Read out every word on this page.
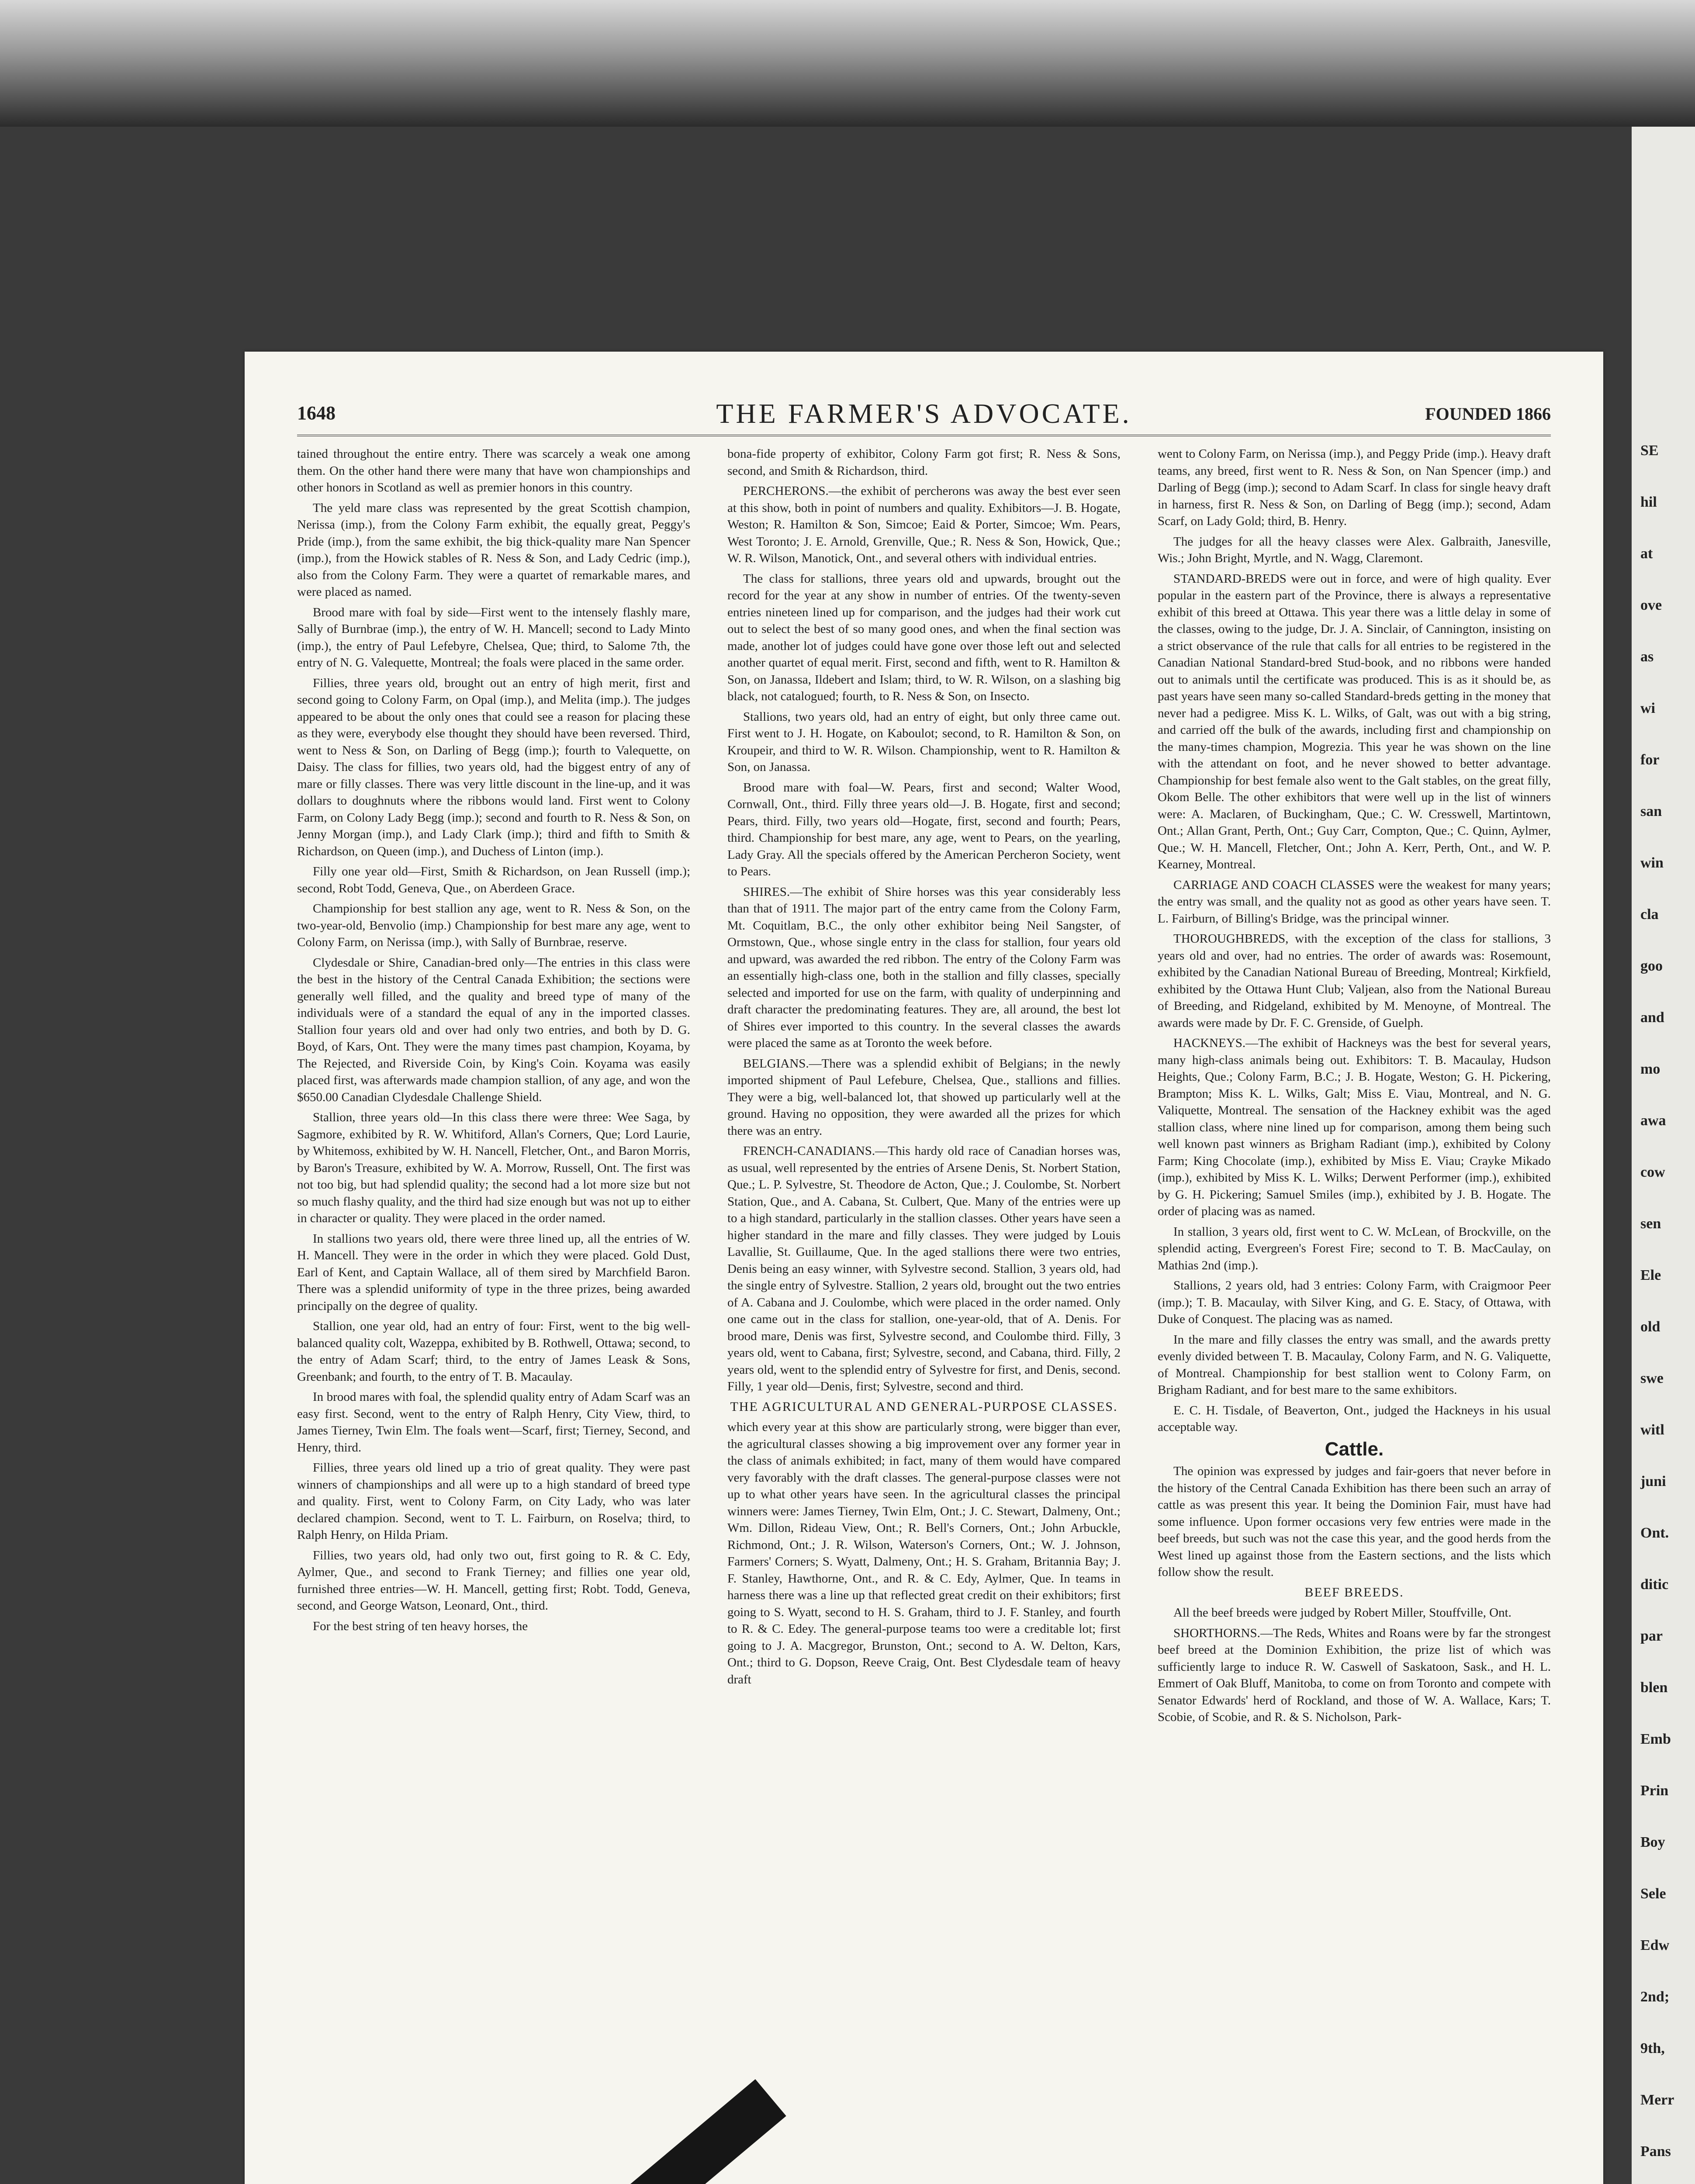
SE
hil
at
ove
as
wi
for
san
win
cla
goo
and
mo
awa
cow
sen
Ele
old
swe
witl
juni
Ont.
ditic
par
blen
Emb
Prin
Boy
Sele
Edw
2nd;
9th,
Merr
Pans
1648	THE FARMER'S ADVOCATE.	FOUNDED 1866

tained throughout the entire entry. There was scarcely a weak one among them. On the other hand there were many that have won championships and other honors in Scotland as well as premier honors in this country.

The yeld mare class was represented by the great Scottish champion, Nerissa (imp.), from the Colony Farm exhibit, the equally great, Peggy's Pride (imp.), from the same exhibit, the big thick-quality mare Nan Spencer (imp.), from the Howick stables of R. Ness & Son, and Lady Cedric (imp.), also from the Colony Farm. They were a quartet of remarkable mares, and were placed as named.

Brood mare with foal by side—First went to the intensely flashly mare, Sally of Burnbrae (imp.), the entry of W. H. Mancell; second to Lady Minto (imp.), the entry of Paul Lefebyre, Chelsea, Que; third, to Salome 7th, the entry of N. G. Valequette, Montreal; the foals were placed in the same order.

Fillies, three years old, brought out an entry of high merit, first and second going to Colony Farm, on Opal (imp.), and Melita (imp.). The judges appeared to be about the only ones that could see a reason for placing these as they were, everybody else thought they should have been reversed. Third, went to Ness & Son, on Darling of Begg (imp.); fourth to Valequette, on Daisy. The class for fillies, two years old, had the biggest entry of any of mare or filly classes. There was very little discount in the line-up, and it was dollars to doughnuts where the ribbons would land. First went to Colony Farm, on Colony Lady Begg (imp.); second and fourth to R. Ness & Son, on Jenny Morgan (imp.), and Lady Clark (imp.); third and fifth to Smith & Richardson, on Queen (imp.), and Duchess of Linton (imp.).

Filly one year old—First, Smith & Richardson, on Jean Russell (imp.); second, Robt Todd, Geneva, Que., on Aberdeen Grace.

Championship for best stallion any age, went to R. Ness & Son, on the two-year-old, Benvolio (imp.) Championship for best mare any age, went to Colony Farm, on Nerissa (imp.), with Sally of Burnbrae, reserve.

Clydesdale or Shire, Canadian-bred only—The entries in this class were the best in the history of the Central Canada Exhibition; the sections were generally well filled, and the quality and breed type of many of the individuals were of a standard the equal of any in the imported classes. Stallion four years old and over had only two entries, and both by D. G. Boyd, of Kars, Ont. They were the many times past champion, Koyama, by The Rejected, and Riverside Coin, by King's Coin. Koyama was easily placed first, was afterwards made champion stallion, of any age, and won the $650.00 Canadian Clydesdale Challenge Shield.

Stallion, three years old—In this class there were three: Wee Saga, by Sagmore, exhibited by R. W. Whitiford, Allan's Corners, Que; Lord Laurie, by Whitemoss, exhibited by W. H. Nancell, Fletcher, Ont., and Baron Morris, by Baron's Treasure, exhibited by W. A. Morrow, Russell, Ont. The first was not too big, but had splendid quality; the second had a lot more size but not so much flashy quality, and the third had size enough but was not up to either in character or quality. They were placed in the order named.

In stallions two years old, there were three lined up, all the entries of W. H. Mancell. They were in the order in which they were placed. Gold Dust, Earl of Kent, and Captain Wallace, all of them sired by Marchfield Baron. There was a splendid uniformity of type in the three prizes, being awarded principally on the degree of quality.

Stallion, one year old, had an entry of four: First, went to the big well-balanced quality colt, Wazeppa, exhibited by B. Rothwell, Ottawa; second, to the entry of Adam Scarf; third, to the entry of James Leask & Sons, Greenbank; and fourth, to the entry of T. B. Macaulay.

In brood mares with foal, the splendid quality entry of Adam Scarf was an easy first. Second, went to the entry of Ralph Henry, City View, third, to James Tierney, Twin Elm. The foals went—Scarf, first; Tierney, Second, and Henry, third.

Fillies, three years old lined up a trio of great quality. They were past winners of championships and all were up to a high standard of breed type and quality. First, went to Colony Farm, on City Lady, who was later declared champion. Second, went to T. L. Fairburn, on Roselva; third, to Ralph Henry, on Hilda Priam.

Fillies, two years old, had only two out, first going to R. & C. Edy, Aylmer, Que., and second to Frank Tierney; and fillies one year old, furnished three entries—W. H. Mancell, getting first; Robt. Todd, Geneva, second, and George Watson, Leonard, Ont., third.

For the best string of ten heavy horses, the

bona-fide property of exhibitor, Colony Farm got first; R. Ness & Sons, second, and Smith & Richardson, third.

PERCHERONS.—the exhibit of percherons was away the best ever seen at this show, both in point of numbers and quality. Exhibitors—J. B. Hogate, Weston; R. Hamilton & Son, Simcoe; Eaid & Porter, Simcoe; Wm. Pears, West Toronto; J. E. Arnold, Grenville, Que.; R. Ness & Son, Howick, Que.; W. R. Wilson, Manotick, Ont., and several others with individual entries.

The class for stallions, three years old and upwards, brought out the record for the year at any show in number of entries. Of the twenty-seven entries nineteen lined up for comparison, and the judges had their work cut out to select the best of so many good ones, and when the final section was made, another lot of judges could have gone over those left out and selected another quartet of equal merit. First, second and fifth, went to R. Hamilton & Son, on Janassa, Ildebert and Islam; third, to W. R. Wilson, on a slashing big black, not catalogued; fourth, to R. Ness & Son, on Insecto.

Stallions, two years old, had an entry of eight, but only three came out. First went to J. H. Hogate, on Kaboulot; second, to R. Hamilton & Son, on Kroupeir, and third to W. R. Wilson. Championship, went to R. Hamilton & Son, on Janassa.

Brood mare with foal—W. Pears, first and second; Walter Wood, Cornwall, Ont., third. Filly three years old—J. B. Hogate, first and second; Pears, third. Filly, two years old—Hogate, first, second and fourth; Pears, third. Championship for best mare, any age, went to Pears, on the yearling, Lady Gray. All the specials offered by the American Percheron Society, went to Pears.

SHIRES.—The exhibit of Shire horses was this year considerably less than that of 1911. The major part of the entry came from the Colony Farm, Mt. Coquitlam, B.C., the only other exhibitor being Neil Sangster, of Ormstown, Que., whose single entry in the class for stallion, four years old and upward, was awarded the red ribbon. The entry of the Colony Farm was an essentially high-class one, both in the stallion and filly classes, specially selected and imported for use on the farm, with quality of underpinning and draft character the predominating features. They are, all around, the best lot of Shires ever imported to this country. In the several classes the awards were placed the same as at Toronto the week before.

BELGIANS.—There was a splendid exhibit of Belgians; in the newly imported shipment of Paul Lefebure, Chelsea, Que., stallions and fillies. They were a big, well-balanced lot, that showed up particularly well at the ground. Having no opposition, they were awarded all the prizes for which there was an entry.

FRENCH-CANADIANS.—This hardy old race of Canadian horses was, as usual, well represented by the entries of Arsene Denis, St. Norbert Station, Que.; L. P. Sylvestre, St. Theodore de Acton, Que.; J. Coulombe, St. Norbert Station, Que., and A. Cabana, St. Culbert, Que. Many of the entries were up to a high standard, particularly in the stallion classes. Other years have seen a higher standard in the mare and filly classes. They were judged by Louis Lavallie, St. Guillaume, Que. In the aged stallions there were two entries, Denis being an easy winner, with Sylvestre second. Stallion, 3 years old, had the single entry of Sylvestre. Stallion, 2 years old, brought out the two entries of A. Cabana and J. Coulombe, which were placed in the order named. Only one came out in the class for stallion, one-year-old, that of A. Denis. For brood mare, Denis was first, Sylvestre second, and Coulombe third. Filly, 3 years old, went to Cabana, first; Sylvestre, second, and Cabana, third. Filly, 2 years old, went to the splendid entry of Sylvestre for first, and Denis, second. Filly, 1 year old—Denis, first; Sylvestre, second and third.

THE AGRICULTURAL AND GENERAL-PURPOSE CLASSES.

which every year at this show are particularly strong, were bigger than ever, the agricultural classes showing a big improvement over any former year in the class of animals exhibited; in fact, many of them would have compared very favorably with the draft classes. The general-purpose classes were not up to what other years have seen. In the agricultural classes the principal winners were: James Tierney, Twin Elm, Ont.; J. C. Stewart, Dalmeny, Ont.; Wm. Dillon, Rideau View, Ont.; R. Bell's Corners, Ont.; John Arbuckle, Richmond, Ont.; J. R. Wilson, Waterson's Corners, Ont.; W. J. Johnson, Farmers' Corners; S. Wyatt, Dalmeny, Ont.; H. S. Graham, Britannia Bay; J. F. Stanley, Hawthorne, Ont., and R. & C. Edy, Aylmer, Que. In teams in harness there was a line up that reflected great credit on their exhibitors; first going to S. Wyatt, second to H. S. Graham, third to J. F. Stanley, and fourth to R. & C. Edey. The general-purpose teams too were a creditable lot; first going to J. A. Macgregor, Brunston, Ont.; second to A. W. Delton, Kars, Ont.; third to G. Dopson, Reeve Craig, Ont. Best Clydesdale team of heavy draft

went to Colony Farm, on Nerissa (imp.), and Peggy Pride (imp.). Heavy draft teams, any breed, first went to R. Ness & Son, on Nan Spencer (imp.) and Darling of Begg (imp.); second to Adam Scarf. In class for single heavy draft in harness, first R. Ness & Son, on Darling of Begg (imp.); second, Adam Scarf, on Lady Gold; third, B. Henry.

The judges for all the heavy classes were Alex. Galbraith, Janesville, Wis.; John Bright, Myrtle, and N. Wagg, Claremont.

STANDARD-BREDS were out in force, and were of high quality. Ever popular in the eastern part of the Province, there is always a representative exhibit of this breed at Ottawa. This year there was a little delay in some of the classes, owing to the judge, Dr. J. A. Sinclair, of Cannington, insisting on a strict observance of the rule that calls for all entries to be registered in the Canadian National Standard-bred Stud-book, and no ribbons were handed out to animals until the certificate was produced. This is as it should be, as past years have seen many so-called Standard-breds getting in the money that never had a pedigree. Miss K. L. Wilks, of Galt, was out with a big string, and carried off the bulk of the awards, including first and championship on the many-times champion, Mogrezia. This year he was shown on the line with the attendant on foot, and he never showed to better advantage. Championship for best female also went to the Galt stables, on the great filly, Okom Belle. The other exhibitors that were well up in the list of winners were: A. Maclaren, of Buckingham, Que.; C. W. Cresswell, Martintown, Ont.; Allan Grant, Perth, Ont.; Guy Carr, Compton, Que.; C. Quinn, Aylmer, Que.; W. H. Mancell, Fletcher, Ont.; John A. Kerr, Perth, Ont., and W. P. Kearney, Montreal.

CARRIAGE AND COACH CLASSES were the weakest for many years; the entry was small, and the quality not as good as other years have seen. T. L. Fairburn, of Billing's Bridge, was the principal winner.

THOROUGHBREDS, with the exception of the class for stallions, 3 years old and over, had no entries. The order of awards was: Rosemount, exhibited by the Canadian National Bureau of Breeding, Montreal; Kirkfield, exhibited by the Ottawa Hunt Club; Valjean, also from the National Bureau of Breeding, and Ridgeland, exhibited by M. Menoyne, of Montreal. The awards were made by Dr. F. C. Grenside, of Guelph.

HACKNEYS.—The exhibit of Hackneys was the best for several years, many high-class animals being out. Exhibitors: T. B. Macaulay, Hudson Heights, Que.; Colony Farm, B.C.; J. B. Hogate, Weston; G. H. Pickering, Brampton; Miss K. L. Wilks, Galt; Miss E. Viau, Montreal, and N. G. Valiquette, Montreal. The sensation of the Hackney exhibit was the aged stallion class, where nine lined up for comparison, among them being such well known past winners as Brigham Radiant (imp.), exhibited by Colony Farm; King Chocolate (imp.), exhibited by Miss E. Viau; Crayke Mikado (imp.), exhibited by Miss K. L. Wilks; Derwent Performer (imp.), exhibited by G. H. Pickering; Samuel Smiles (imp.), exhibited by J. B. Hogate. The order of placing was as named.

In stallion, 3 years old, first went to C. W. McLean, of Brockville, on the splendid acting, Evergreen's Forest Fire; second to T. B. MacCaulay, on Mathias 2nd (imp.).

Stallions, 2 years old, had 3 entries: Colony Farm, with Craigmoor Peer (imp.); T. B. Macaulay, with Silver King, and G. E. Stacy, of Ottawa, with Duke of Conquest. The placing was as named.

In the mare and filly classes the entry was small, and the awards pretty evenly divided between T. B. Macaulay, Colony Farm, and N. G. Valiquette, of Montreal. Championship for best stallion went to Colony Farm, on Brigham Radiant, and for best mare to the same exhibitors.

E. C. H. Tisdale, of Beaverton, Ont., judged the Hackneys in his usual acceptable way.

Cattle.

The opinion was expressed by judges and fair-goers that never before in the history of the Central Canada Exhibition has there been such an array of cattle as was present this year. It being the Dominion Fair, must have had some influence. Upon former occasions very few entries were made in the beef breeds, but such was not the case this year, and the good herds from the West lined up against those from the Eastern sections, and the lists which follow show the result.

BEEF BREEDS.

All the beef breeds were judged by Robert Miller, Stouffville, Ont.

SHORTHORNS.—The Reds, Whites and Roans were by far the strongest beef breed at the Dominion Exhibition, the prize list of which was sufficiently large to induce R. W. Caswell of Saskatoon, Sask., and H. L. Emmert of Oak Bluff, Manitoba, to come on from Toronto and compete with Senator Edwards' herd of Rockland, and those of W. A. Wallace, Kars; T. Scobie, of Scobie, and R. & S. Nicholson, Park-
